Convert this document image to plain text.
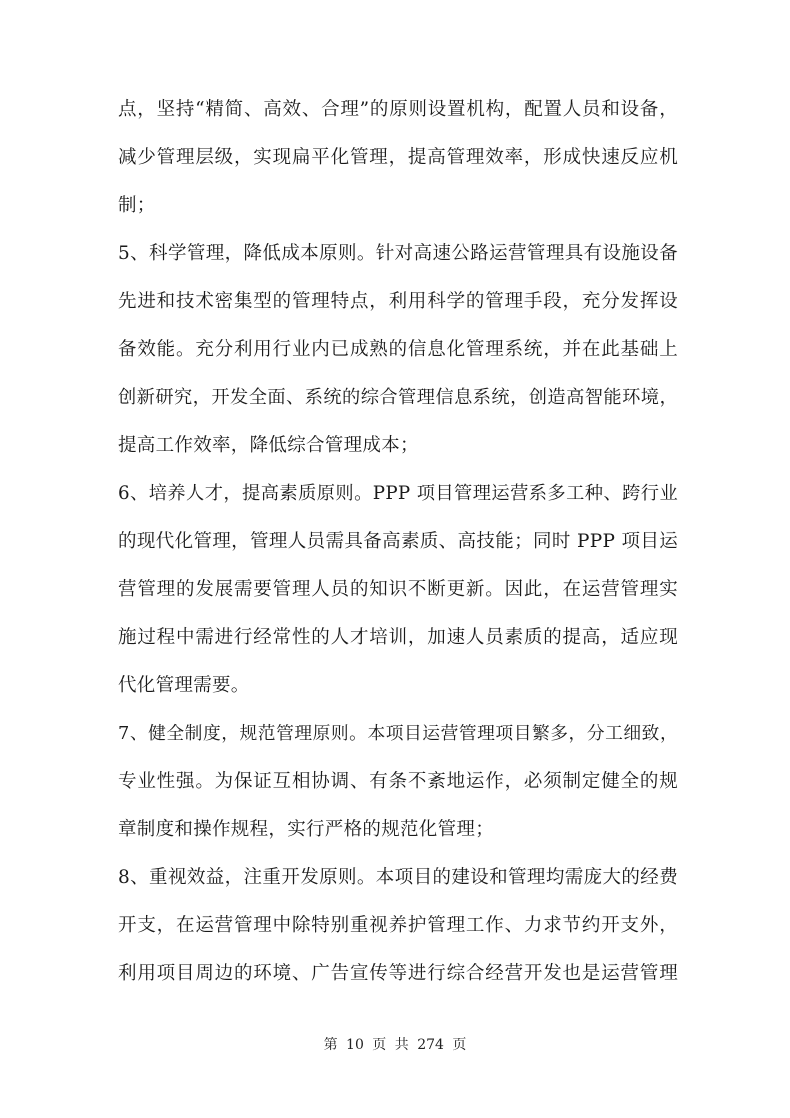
点，坚持“精简、高效、合理”的原则设置机构，配置人员和设备，
减少管理层级，实现扁平化管理，提高管理效率，形成快速反应机
制；
5、科学管理，降低成本原则。针对高速公路运营管理具有设施设备
先进和技术密集型的管理特点，利用科学的管理手段，充分发挥设
备效能。充分利用行业内已成熟的信息化管理系统，并在此基础上
创新研究，开发全面、系统的综合管理信息系统，创造高智能环境，
提高工作效率，降低综合管理成本；
6、培养人才，提高素质原则。PPP 项目管理运营系多工种、跨行业
的现代化管理，管理人员需具备高素质、高技能；同时 PPP 项目运
营管理的发展需要管理人员的知识不断更新。因此，在运营管理实
施过程中需进行经常性的人才培训，加速人员素质的提高，适应现
代化管理需要。
7、健全制度，规范管理原则。本项目运营管理项目繁多，分工细致，
专业性强。为保证互相协调、有条不紊地运作，必须制定健全的规
章制度和操作规程，实行严格的规范化管理；
8、重视效益，注重开发原则。本项目的建设和管理均需庞大的经费
开支，在运营管理中除特别重视养护管理工作、力求节约开支外，
利用项目周边的环境、广告宣传等进行综合经营开发也是运营管理
第 10 页 共 274 页
